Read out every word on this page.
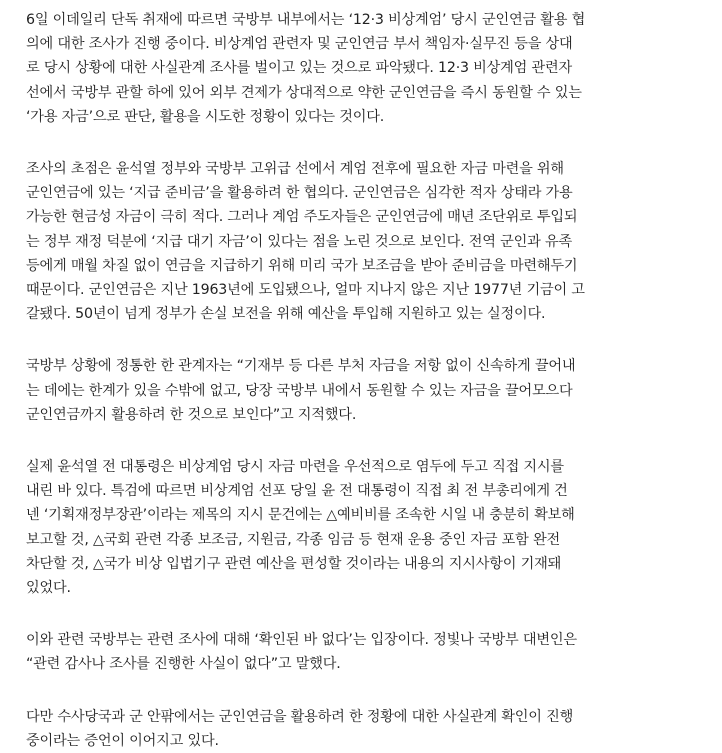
6일 이데일리 단독 취재에 따르면 국방부 내부에서는 ‘12·3 비상계엄’ 당시 군인연금 활용 협
의에 대한 조사가 진행 중이다. 비상계엄 관련자 및 군인연금 부서 책임자·실무진 등을 상대
로 당시 상황에 대한 사실관계 조사를 벌이고 있는 것으로 파악됐다. 12·3 비상계엄 관련자
선에서 국방부 관할 하에 있어 외부 견제가 상대적으로 약한 군인연금을 즉시 동원할 수 있는
‘가용 자금’으로 판단, 활용을 시도한 정황이 있다는 것이다.

조사의 초점은 윤석열 정부와 국방부 고위급 선에서 계엄 전후에 필요한 자금 마련을 위해
군인연금에 있는 ‘지급 준비금’을 활용하려 한 협의다. 군인연금은 심각한 적자 상태라 가용
가능한 현금성 자금이 극히 적다. 그러나 계엄 주도자들은 군인연금에 매년 조단위로 투입되
는 정부 재정 덕분에 ‘지급 대기 자금’이 있다는 점을 노린 것으로 보인다. 전역 군인과 유족
등에게 매월 차질 없이 연금을 지급하기 위해 미리 국가 보조금을 받아 준비금을 마련해두기
때문이다. 군인연금은 지난 1963년에 도입됐으나, 얼마 지나지 않은 지난 1977년 기금이 고
갈됐다. 50년이 넘게 정부가 손실 보전을 위해 예산을 투입해 지원하고 있는 실정이다.

국방부 상황에 정통한 한 관계자는 “기재부 등 다른 부처 자금을 저항 없이 신속하게 끌어내
는 데에는 한계가 있을 수밖에 없고, 당장 국방부 내에서 동원할 수 있는 자금을 끌어모으다
군인연금까지 활용하려 한 것으로 보인다”고 지적했다.

실제 윤석열 전 대통령은 비상계엄 당시 자금 마련을 우선적으로 염두에 두고 직접 지시를
내린 바 있다. 특검에 따르면 비상계엄 선포 당일 윤 전 대통령이 직접 최 전 부총리에게 건
넨 ‘기획재정부장관’이라는 제목의 지시 문건에는 △예비비를 조속한 시일 내 충분히 확보해
보고할 것, △국회 관련 각종 보조금, 지원금, 각종 임금 등 현재 운용 중인 자금 포함 완전
차단할 것, △국가 비상 입법기구 관련 예산을 편성할 것이라는 내용의 지시사항이 기재돼
있었다.

이와 관련 국방부는 관련 조사에 대해 ‘확인된 바 없다’는 입장이다. 정빛나 국방부 대변인은
“관련 감사나 조사를 진행한 사실이 없다”고 말했다.

다만 수사당국과 군 안팎에서는 군인연금을 활용하려 한 정황에 대한 사실관계 확인이 진행
중이라는 증언이 이어지고 있다.
